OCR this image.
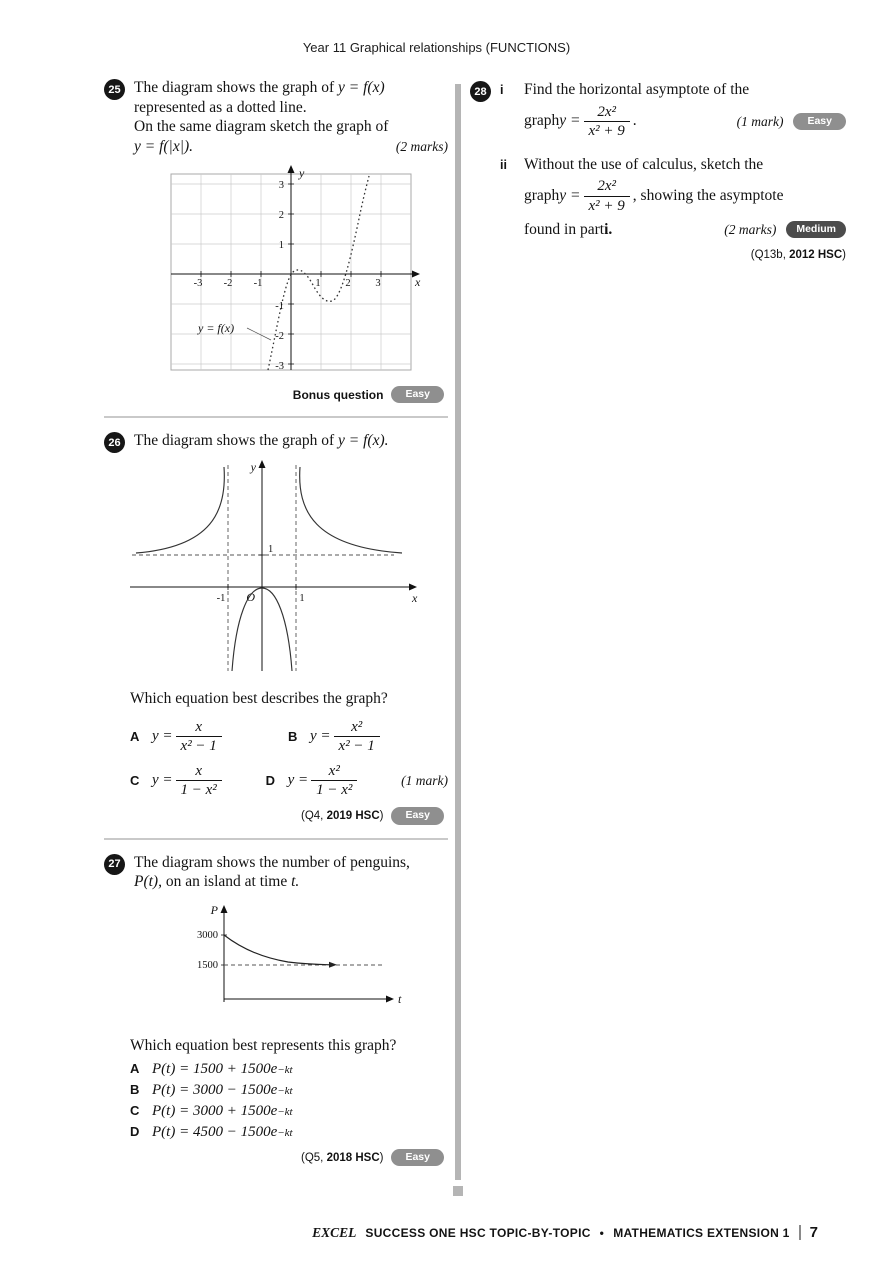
Year 11 Graphical relationships (FUNCTIONS)
25 The diagram shows the graph of y = f(x)
represented as a dotted line.
On the same diagram sketch the graph of
y = f(|x|).	(2 marks)
y = f(x)
y
x
-3 -2 -1	1 2 3
3
2
1
-1
-2
-3
Bonus question	Easy
26 The diagram shows the graph of y = f(x).
y
x
1
-1	1
O
Which equation best describes the graph?
A $y = \frac{x}{\text{x² − 1}}$	B $y = \frac{\text{x²}}{\text{x² − 1}}$
C $y = \frac{x}{\text{1 − x²}}$	D $y = \frac{\text{x²}}{\text{1 − x²}}$	(1 mark)
(Q4, 2019 HSC)	Easy
27 The diagram shows the number of penguins,
P(t), on an island at time t.
P
t
3000
1500
Which equation best represents this graph?
A P(t) = 1500 + 1500e −kt
B P(t) = 3000 − 1500e −kt
C P(t) = 3000 + 1500e −kt
D P(t) = 4500 − 1500e −kt
(Q5, 2018 HSC)	Easy
28	i	Find the horizontal asymptote of the
graph $y = \frac{\text{2x²}}{\text{x² + 9}}$ .	(1 mark)	Easy
ii	Without the use of calculus, sketch the
graph $y = \frac{\text{2x²}}{\text{x² + 9}}$ , showing the asymptote
found in part i.	(2 marks)	Medium
(Q13b, 2012 HSC)
EXCEL SUCCESS ONE HSC TOPIC-BY-TOPIC • MATHEMATICS EXTENSION 1 7
